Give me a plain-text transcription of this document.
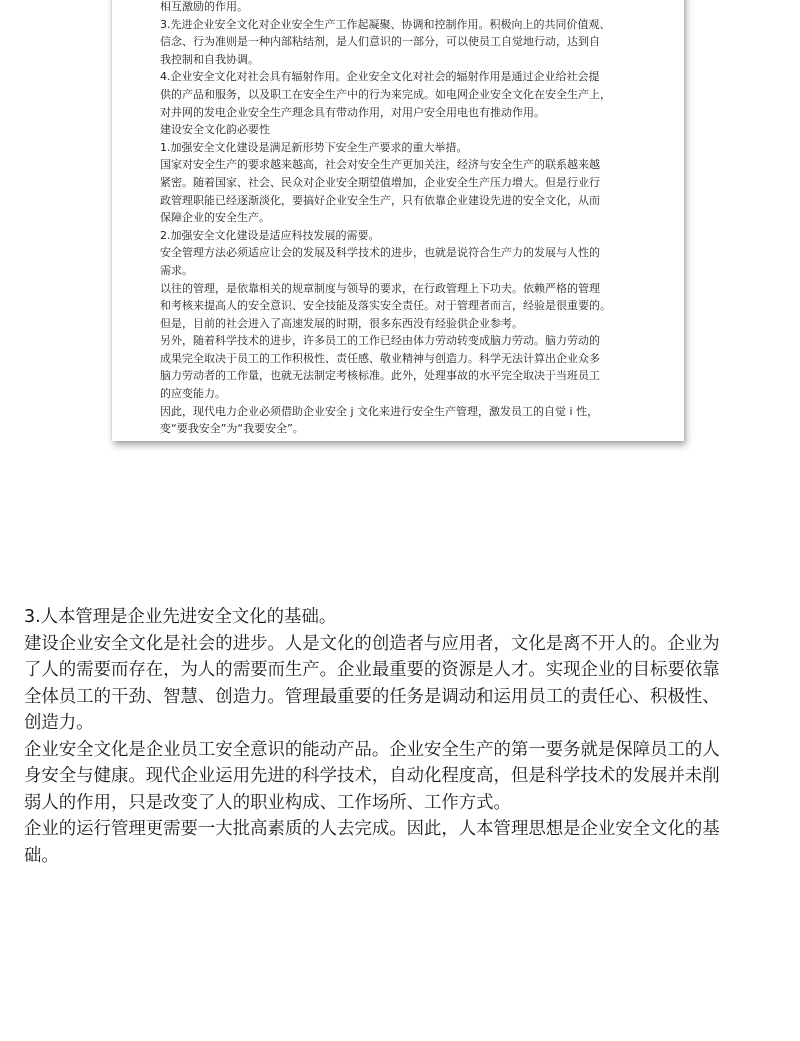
相互激励的作用。

3.先进企业安全文化对企业安全生产工作起凝聚、协调和控制作用。积极向上的共同价值观、
信念、行为准则是一种内部粘结剂，是人们意识的一部分，可以使员工自觉地行动，达到自
我控制和自我协调。

4.企业安全文化对社会具有辐射作用。企业安全文化对社会的辐射作用是通过企业给社会提
供的产品和服务，以及职工在安全生产中的行为来完成。如电网企业安全文化在安全生产上，
对并网的发电企业安全生产理念具有带动作用，对用户安全用电也有推动作用。

建设安全文化韵必要性

1.加强安全文化建设是满足新形势下安全生产要求的重大举措。

国家对安全生产的要求越来越高，社会对安全生产更加关注，经济与安全生产的联系越来越
紧密。随着国家、社会、民众对企业安全期望值增加，企业安全生产压力增大。但是行业行
政管理职能已经逐渐淡化，要搞好企业安全生产，只有依靠企业建设先进的安全文化，从而
保障企业的安全生产。

2.加强安全文化建设是适应科技发展的需要。

安全管理方法必须适应让会的发展及科学技术的进步，也就是说符合生产力的发展与人性的
需求。

以往的管理，是依靠相关的规章制度与领导的要求，在行政管理上下功夫。依赖严格的管理
和考核来提高人的安全意识、安全技能及落实安全责任。对于管理者而言，经验是很重要的。
但是，目前的社会进入了高速发展的时期，很多东西没有经验供企业参考。

另外，随着科学技术的进步，许多员工的工作已经由体力劳动转变成脑力劳动。脑力劳动的
成果完全取决于员工的工作积极性、责任感、敬业精神与创造力。科学无法计算出企业众多
脑力劳动者的工作量，也就无法制定考核标准。此外，处理事故的水平完全取决于当班员工
的应变能力。

因此，现代电力企业必须借助企业安全 j 文化来进行安全生产管理，激发员工的自觉 i 性，
变“要我安全”为“我要安全”。

3.人本管理是企业先进安全文化的基础。

建设企业安全文化是社会的进步。人是文化的创造者与应用者，文化是离不开人的。企业为
了人的需要而存在，为人的需要而生产。企业最重要的资源是人才。实现企业的目标要依靠
全体员工的干劲、智慧、创造力。管理最重要的任务是调动和运用员工的责任心、积极性、
创造力。

企业安全文化是企业员工安全意识的能动产品。企业安全生产的第一要务就是保障员工的人
身安全与健康。现代企业运用先进的科学技术，自动化程度高，但是科学技术的发展并未削
弱人的作用，只是改变了人的职业构成、工作场所、工作方式。

企业的运行管理更需要一大批高素质的人去完成。因此，人本管理思想是企业安全文化的基
础。
